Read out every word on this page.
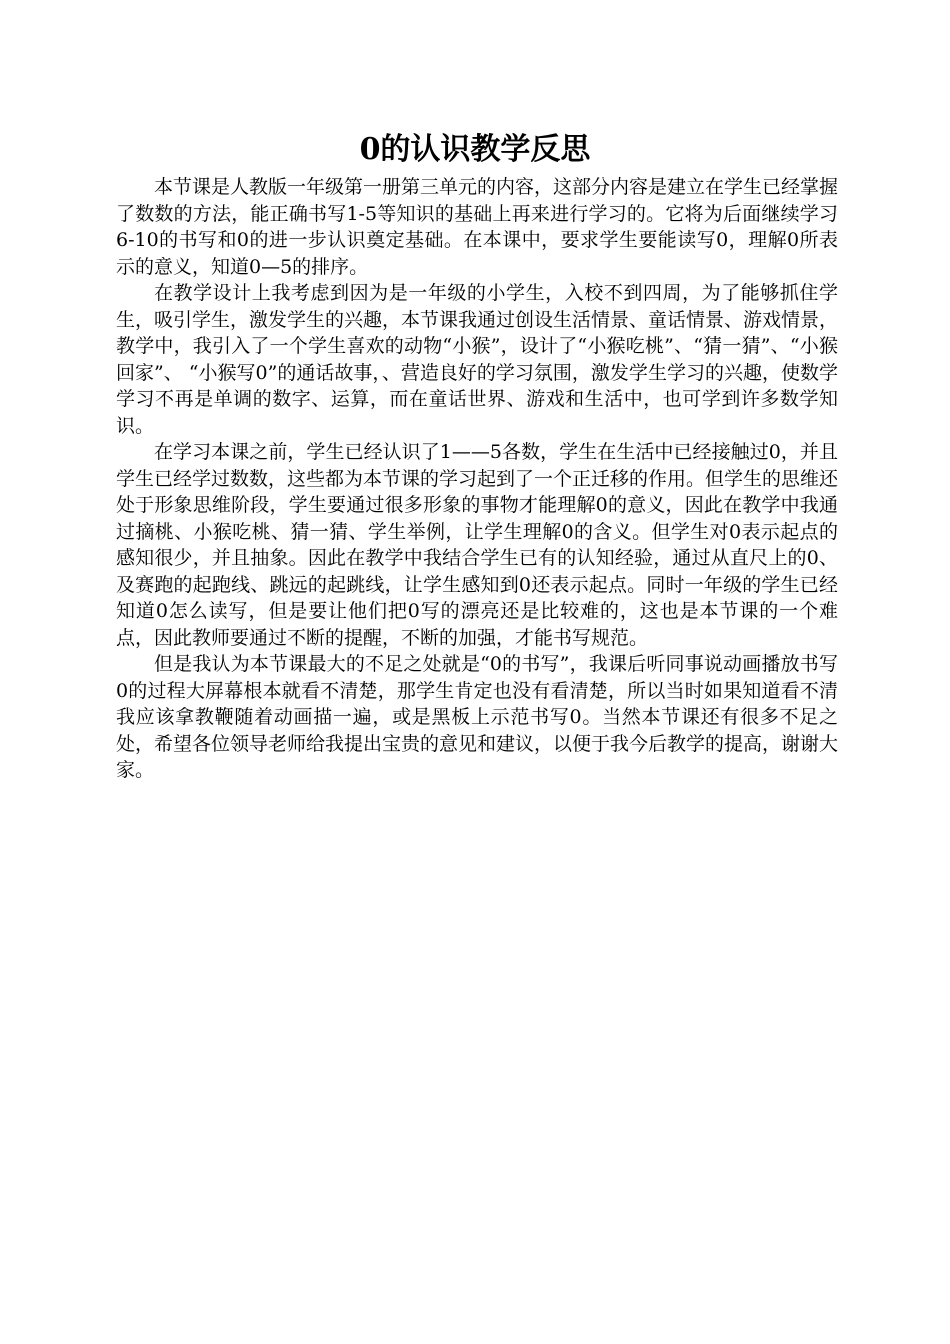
0的认识教学反思

本节课是人教版一年级第一册第三单元的内容，这部分内容是建立在学生已经掌握了数数的方法，能正确书写1-5等知识的基础上再来进行学习的。它将为后面继续学习6-10的书写和0的进一步认识奠定基础。在本课中，要求学生要能读写0，理解0所表示的意义，知道0—5的排序。

在教学设计上我考虑到因为是一年级的小学生，入校不到四周，为了能够抓住学生，吸引学生，激发学生的兴趣，本节课我通过创设生活情景、童话情景、游戏情景，教学中，我引入了一个学生喜欢的动物“小猴”，设计了“小猴吃桃”、“猜一猜”、“小猴回家”、 “小猴写0”的通话故事，、营造良好的学习氛围，激发学生学习的兴趣，使数学学习不再是单调的数字、运算，而在童话世界、游戏和生活中，也可学到许多数学知识。

在学习本课之前，学生已经认识了1——5各数，学生在生活中已经接触过0，并且学生已经学过数数，这些都为本节课的学习起到了一个正迁移的作用。但学生的思维还处于形象思维阶段，学生要通过很多形象的事物才能理解0的意义，因此在教学中我通过摘桃、小猴吃桃、猜一猜、学生举例，让学生理解0的含义。但学生对0表示起点的感知很少，并且抽象。因此在教学中我结合学生已有的认知经验，通过从直尺上的0、及赛跑的起跑线、跳远的起跳线，让学生感知到0还表示起点。同时一年级的学生已经知道0怎么读写，但是要让他们把0写的漂亮还是比较难的，这也是本节课的一个难点，因此教师要通过不断的提醒，不断的加强，才能书写规范。

但是我认为本节课最大的不足之处就是“0的书写”，我课后听同事说动画播放书写0的过程大屏幕根本就看不清楚，那学生肯定也没有看清楚，所以当时如果知道看不清我应该拿教鞭随着动画描一遍，或是黑板上示范书写0。当然本节课还有很多不足之处，希望各位领导老师给我提出宝贵的意见和建议，以便于我今后教学的提高，谢谢大家。
